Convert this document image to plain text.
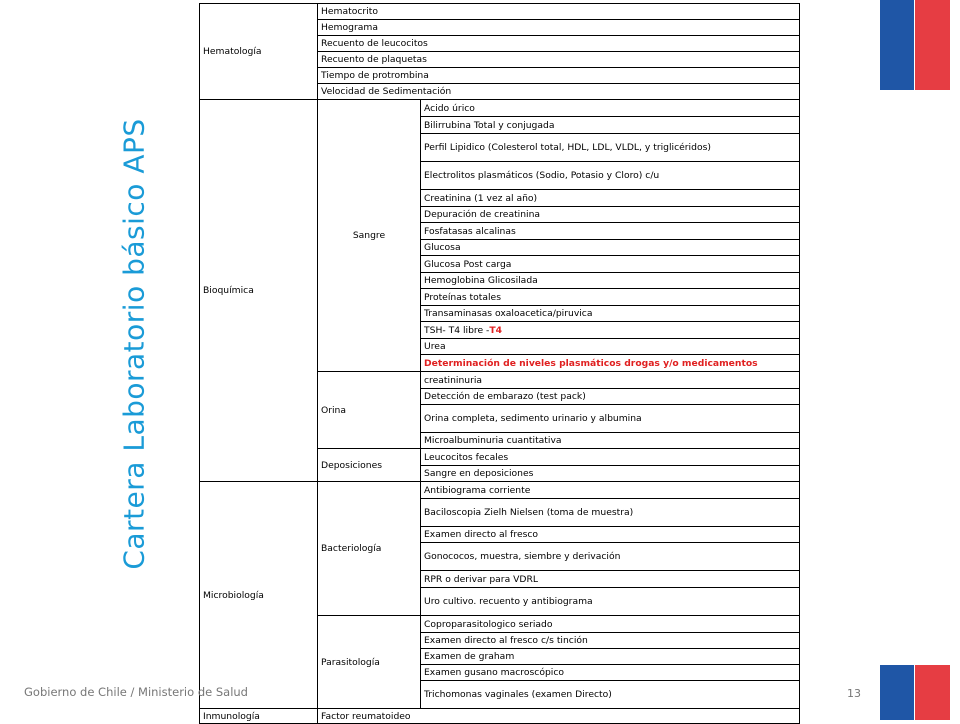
Cartera Laboratorio básico APS
Hematología	Hematocrito	
	Hemograma	
	Recuento de leucocitos	
	Recuento de plaquetas	
	Tiempo de protrombina	
	Velocidad de Sedimentación	
Bioquímica	Sangre	Acido úrico
		Bilirrubina Total y conjugada
		Perfil Lipidico (Colesterol total, HDL, LDL, VLDL, y triglicéridos)
		Electrolitos plasmáticos (Sodio, Potasio y Cloro) c/u
		Creatinina (1 vez al año)
		Depuración de creatinina
		Fosfatasas alcalinas
		Glucosa
		Glucosa Post carga
		Hemoglobina Glicosilada
		Proteínas totales
		Transaminasas oxaloacetica/piruvica
		TSH- T4 libre -T4
		Urea
		Determinación de niveles plasmáticos drogas y/o medicamentos
	Orina	creatininuria
		Detección de embarazo (test pack)
		Orina completa, sedimento urinario y albumina
		Microalbuminuria cuantitativa
	Deposiciones	Leucocitos fecales
		Sangre en deposiciones
Microbiología	Bacteriología	Antibiograma corriente
		Baciloscopia Zielh Nielsen (toma de muestra)
		Examen directo al fresco
		Gonococos, muestra, siembre y derivación
		RPR o derivar para VDRL
		Uro cultivo. recuento y antibiograma
	Parasitología	Coproparasitologico seriado
		Examen directo al fresco c/s tinción
		Examen de graham
		Examen gusano macroscópico
		Trichomonas vaginales (examen Directo)
Inmunología	Factor reumatoideo	
Gobierno de Chile / Ministerio de Salud	13
